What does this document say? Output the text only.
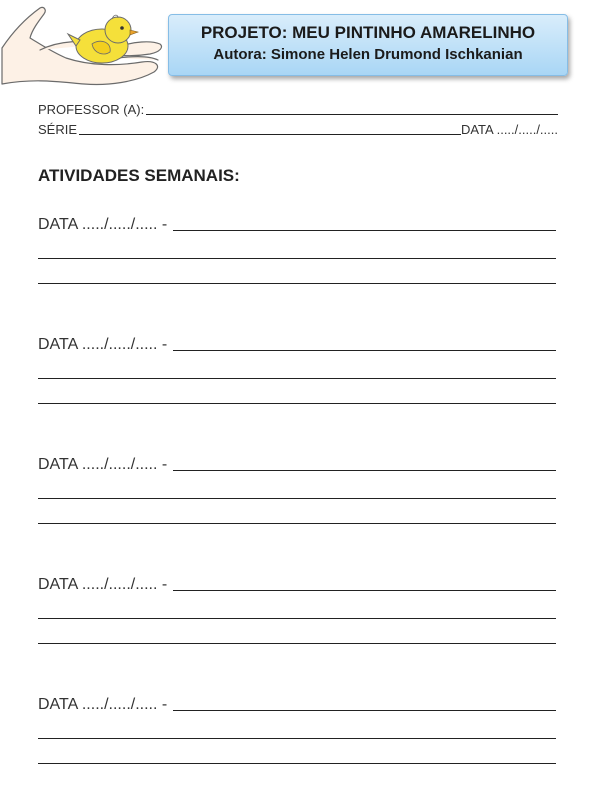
PROJETO: MEU PINTINHO AMARELINHO
Autora: Simone Helen Drumond Ischkanian
PROFESSOR (A):
SÉRIE	DATA ...../...../.....
ATIVIDADES SEMANAIS:
DATA ...../...../..... -
DATA ...../...../..... -
DATA ...../...../..... -
DATA ...../...../..... -
DATA ...../...../..... -
